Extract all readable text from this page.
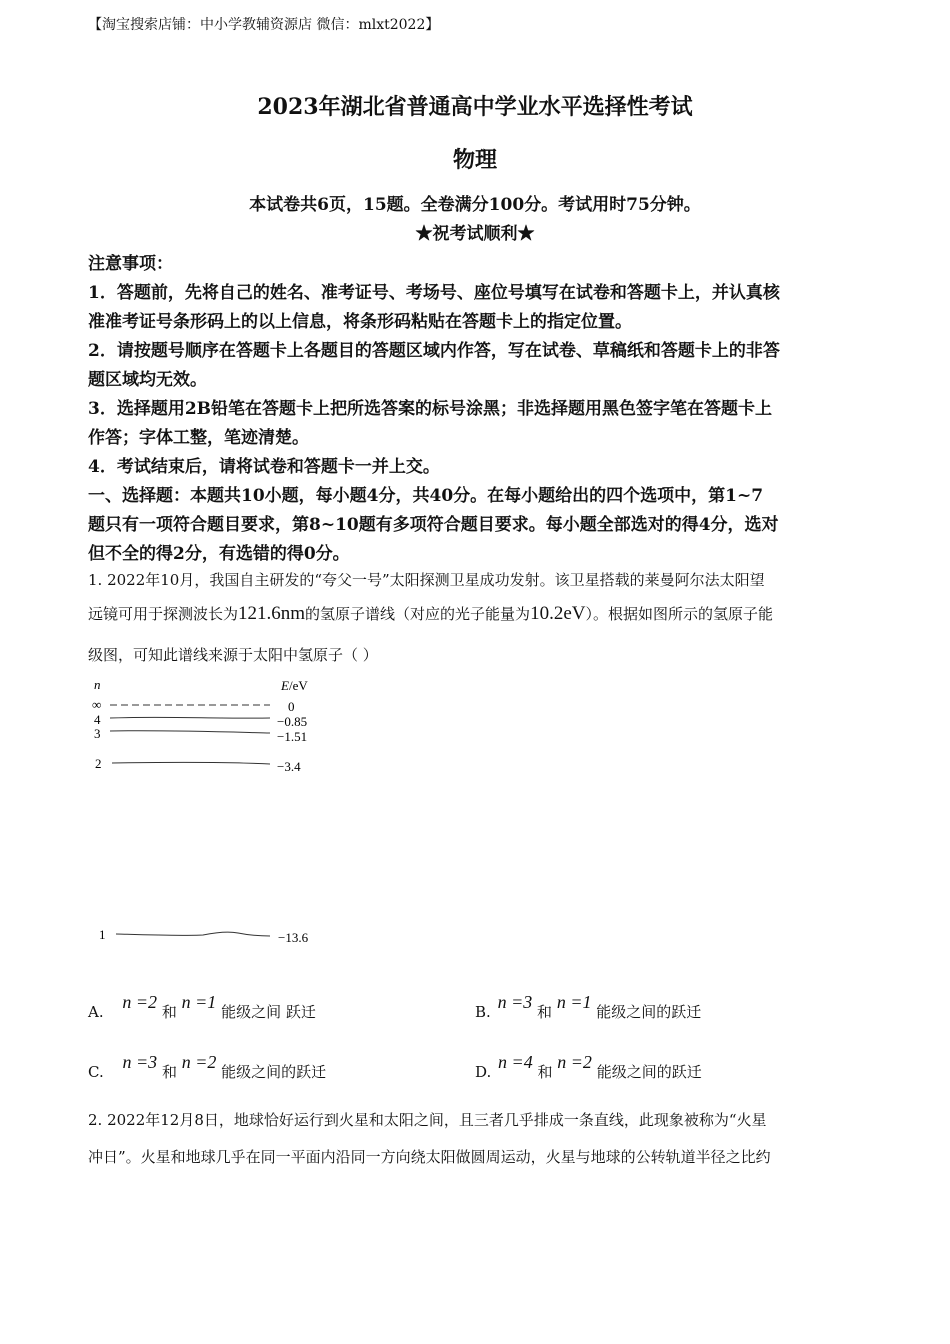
【淘宝搜索店铺：中小学教辅资源店 微信：mlxt2022】
2023年湖北省普通高中学业水平选择性考试
物理
本试卷共6页，15题。全卷满分100分。考试用时75分钟。
★祝考试顺利★
注意事项：
1．答题前，先将自己的姓名、准考证号、考场号、座位号填写在试卷和答题卡上，并认真核
准准考证号条形码上的以上信息，将条形码粘贴在答题卡上的指定位置。
2．请按题号顺序在答题卡上各题目的答题区域内作答，写在试卷、草稿纸和答题卡上的非答
题区域均无效。
3．选择题用2B铅笔在答题卡上把所选答案的标号涂黑；非选择题用黑色签字笔在答题卡上
作答；字体工整，笔迹清楚。
4．考试结束后，请将试卷和答题卡一并上交。
一、选择题：本题共10小题，每小题4分，共40分。在每小题给出的四个选项中，第1~7
题只有一项符合题目要求，第8~10题有多项符合题目要求。每小题全部选对的得4分，选对
但不全的得2分，有选错的得0分。
1. 2022年10月，我国自主研发的“夸父一号”太阳探测卫星成功发射。该卫星搭载的莱曼阿尔法太阳望
远镜可用于探测波长为121.6nm的氢原子谱线（对应的光子能量为10.2eV）。根据如图所示的氢原子能
级图，可知此谱线来源于太阳中氢原子（ ）
n	E/eV
∞	0
4	−0.85
3	−1.51
2	−3.4
1	−13.6
A. n =2 和 n =1 能级之间 跃迁	B. n =3 和 n =1 能级之间的跃迁
C. n =3 和 n =2 能级之间的跃迁	D. n =4 和 n =2 能级之间的跃迁
2. 2022年12月8日，地球恰好运行到火星和太阳之间，且三者几乎排成一条直线，此现象被称为“火星
冲日”。火星和地球几乎在同一平面内沿同一方向绕太阳做圆周运动，火星与地球的公转轨道半径之比约
